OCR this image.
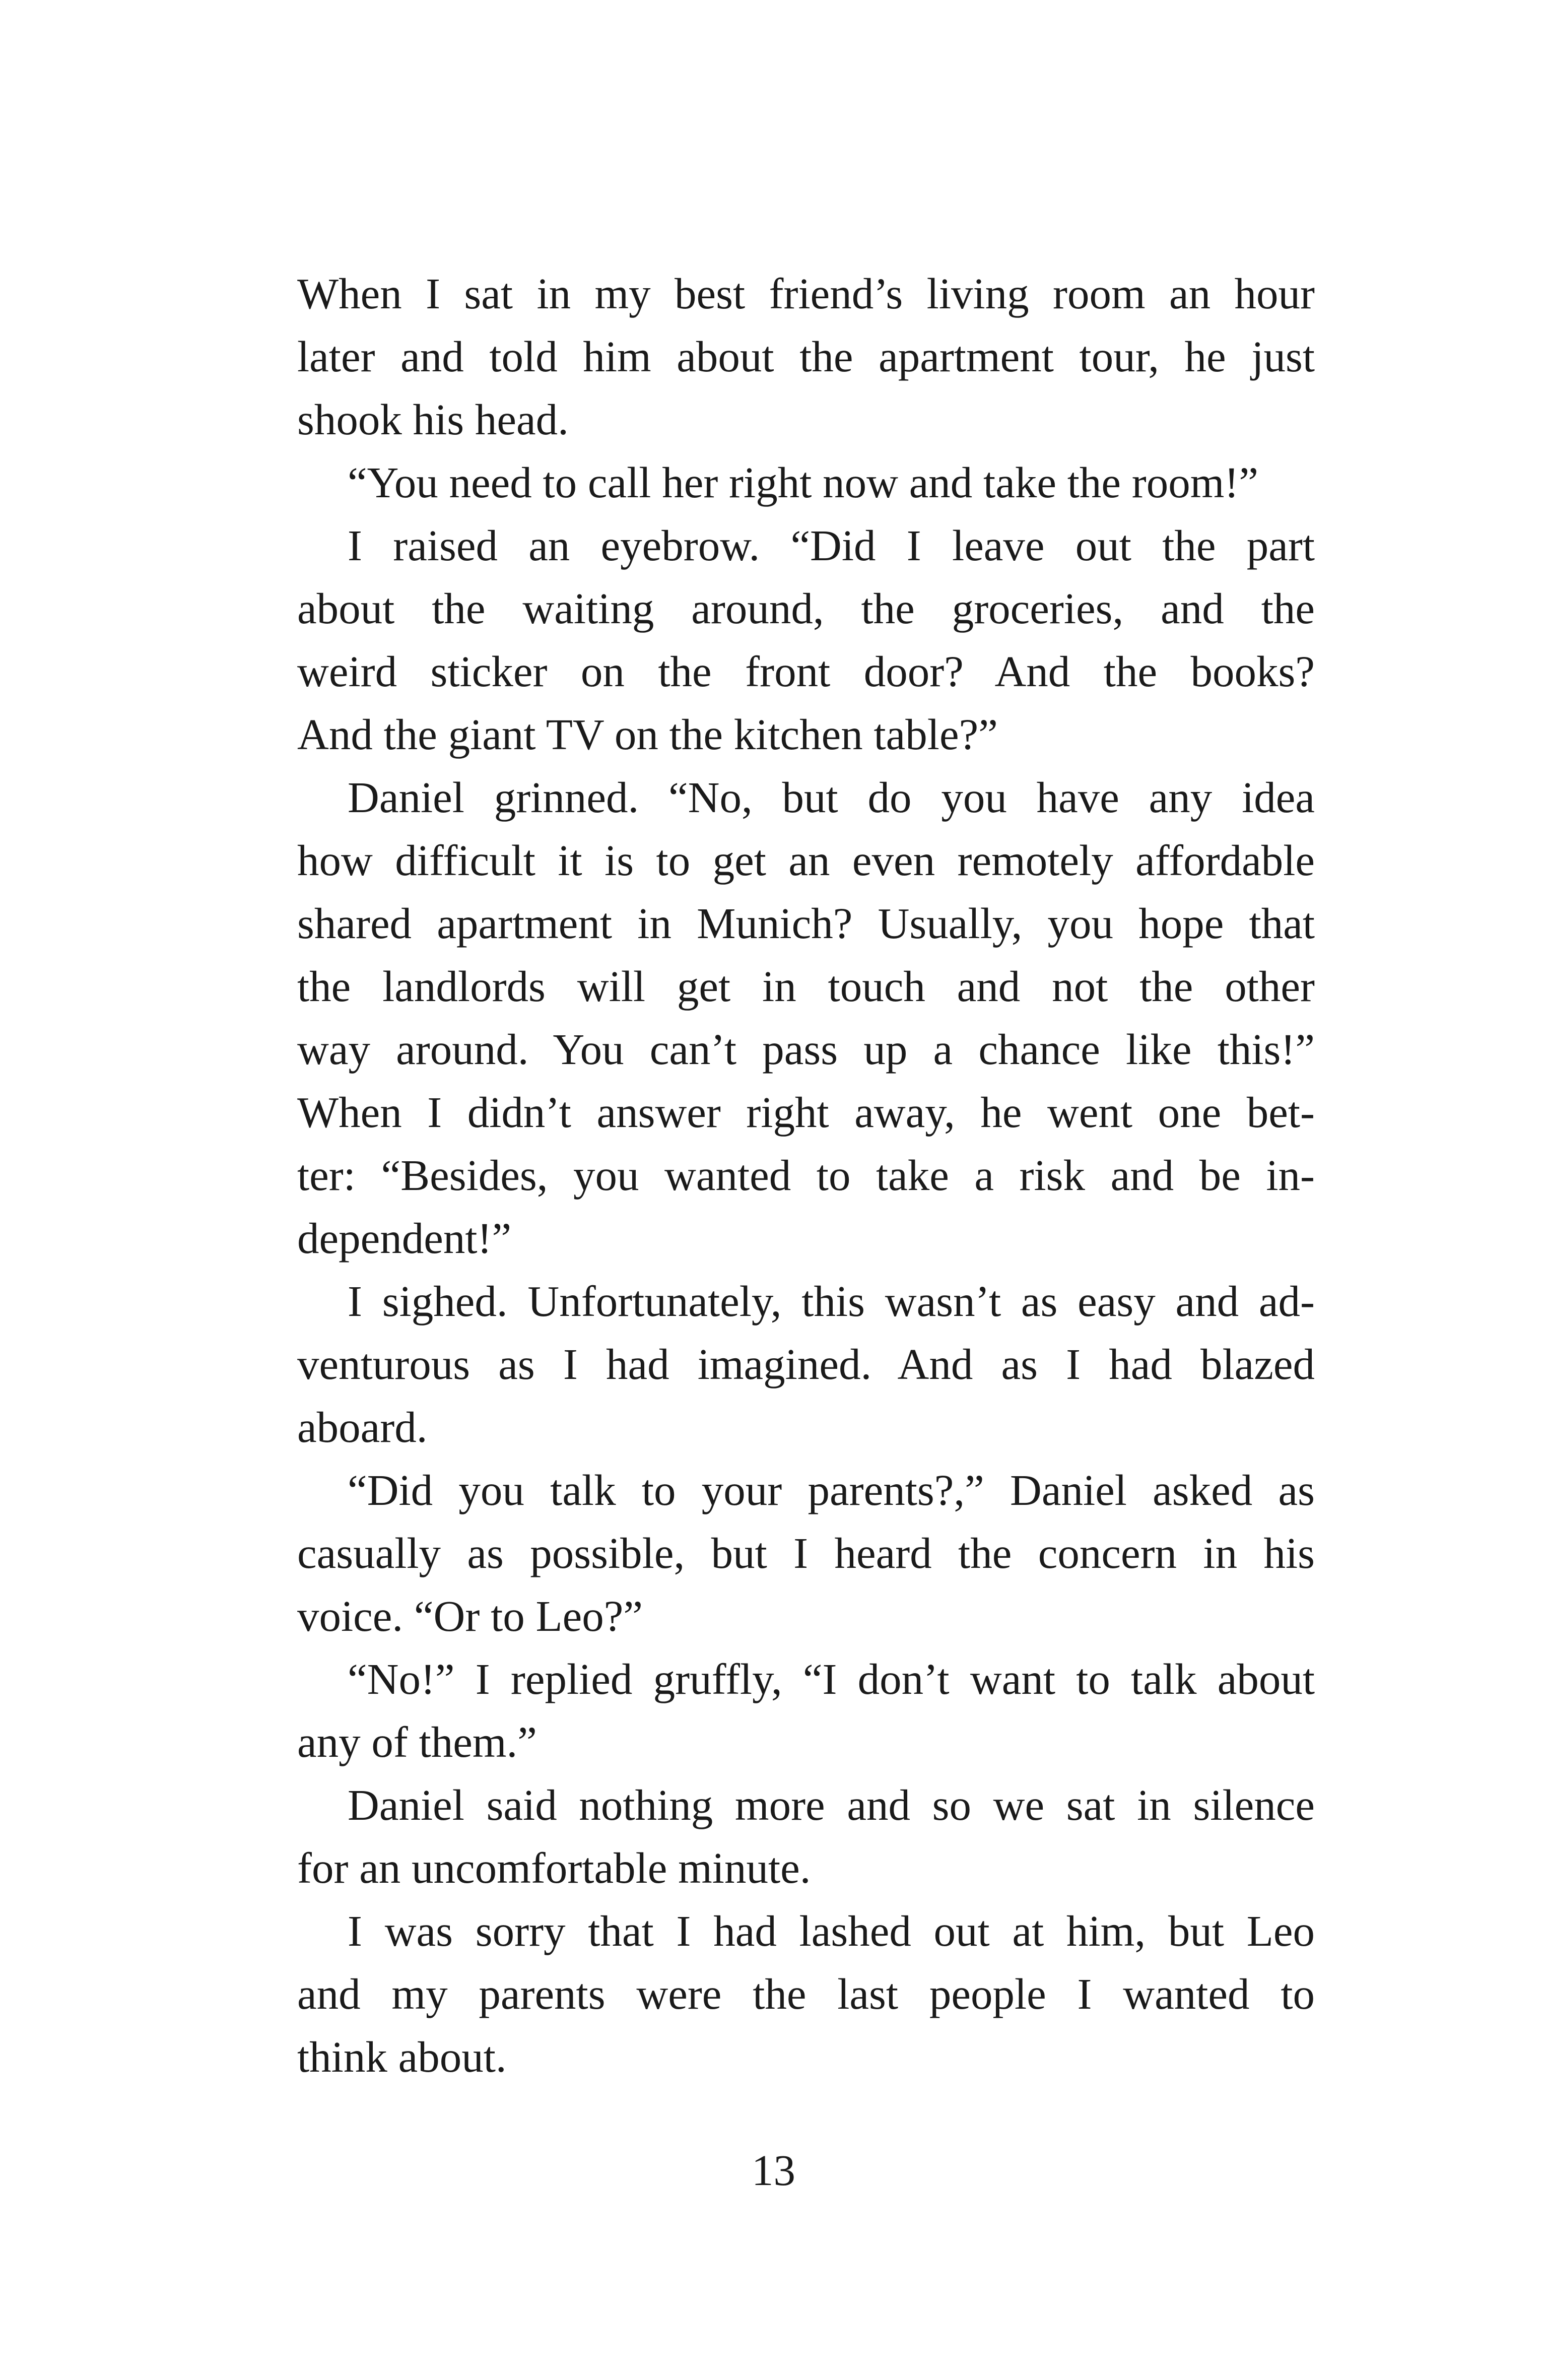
When I sat in my best friend’s living room an hour
later and told him about the apartment tour, he just
shook his head.
“You need to call her right now and take the room!”
I raised an eyebrow. “Did I leave out the part
about the waiting around, the groceries, and the
weird sticker on the front door? And the books?
And the giant TV on the kitchen table?”
Daniel grinned. “No, but do you have any idea
how difficult it is to get an even remotely affordable
shared apartment in Munich? Usually, you hope that
the landlords will get in touch and not the other
way around. You can’t pass up a chance like this!”
When I didn’t answer right away, he went one bet-
ter: “Besides, you wanted to take a risk and be in-
dependent!”
I sighed. Unfortunately, this wasn’t as easy and ad-
venturous as I had imagined. And as I had blazed
aboard.
“Did you talk to your parents?,” Daniel asked as
casually as possible, but I heard the concern in his
voice. “Or to Leo?”
“No!” I replied gruffly, “I don’t want to talk about
any of them.”
Daniel said nothing more and so we sat in silence
for an uncomfortable minute.
I was sorry that I had lashed out at him, but Leo
and my parents were the last people I wanted to
think about.
13
